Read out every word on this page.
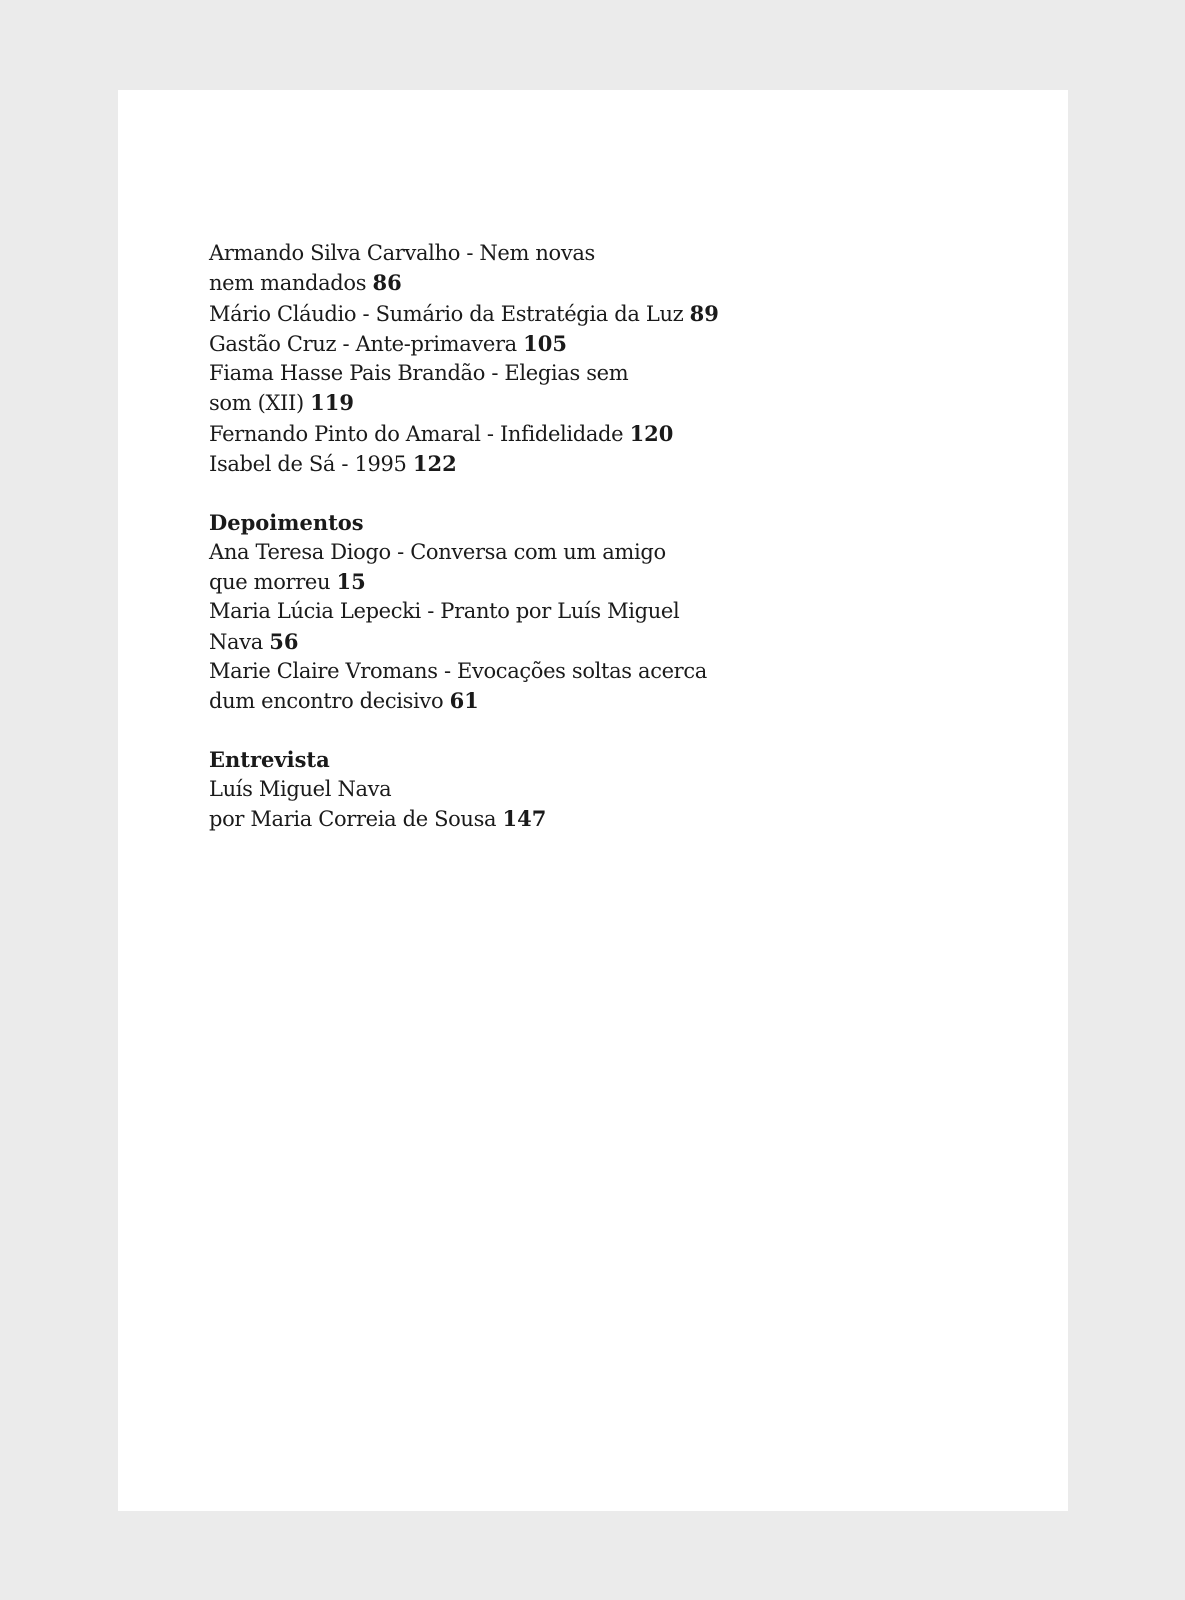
Armando Silva Carvalho - Nem novas
nem mandados 86
Mário Cláudio - Sumário da Estratégia da Luz 89
Gastão Cruz - Ante-primavera 105
Fiama Hasse Pais Brandão - Elegias sem
som (XII) 119
Fernando Pinto do Amaral - Infidelidade 120
Isabel de Sá - 1995 122
Depoimentos
Ana Teresa Diogo - Conversa com um amigo
que morreu 15
Maria Lúcia Lepecki - Pranto por Luís Miguel
Nava 56
Marie Claire Vromans - Evocações soltas acerca
dum encontro decisivo 61
Entrevista
Luís Miguel Nava
por Maria Correia de Sousa 147
